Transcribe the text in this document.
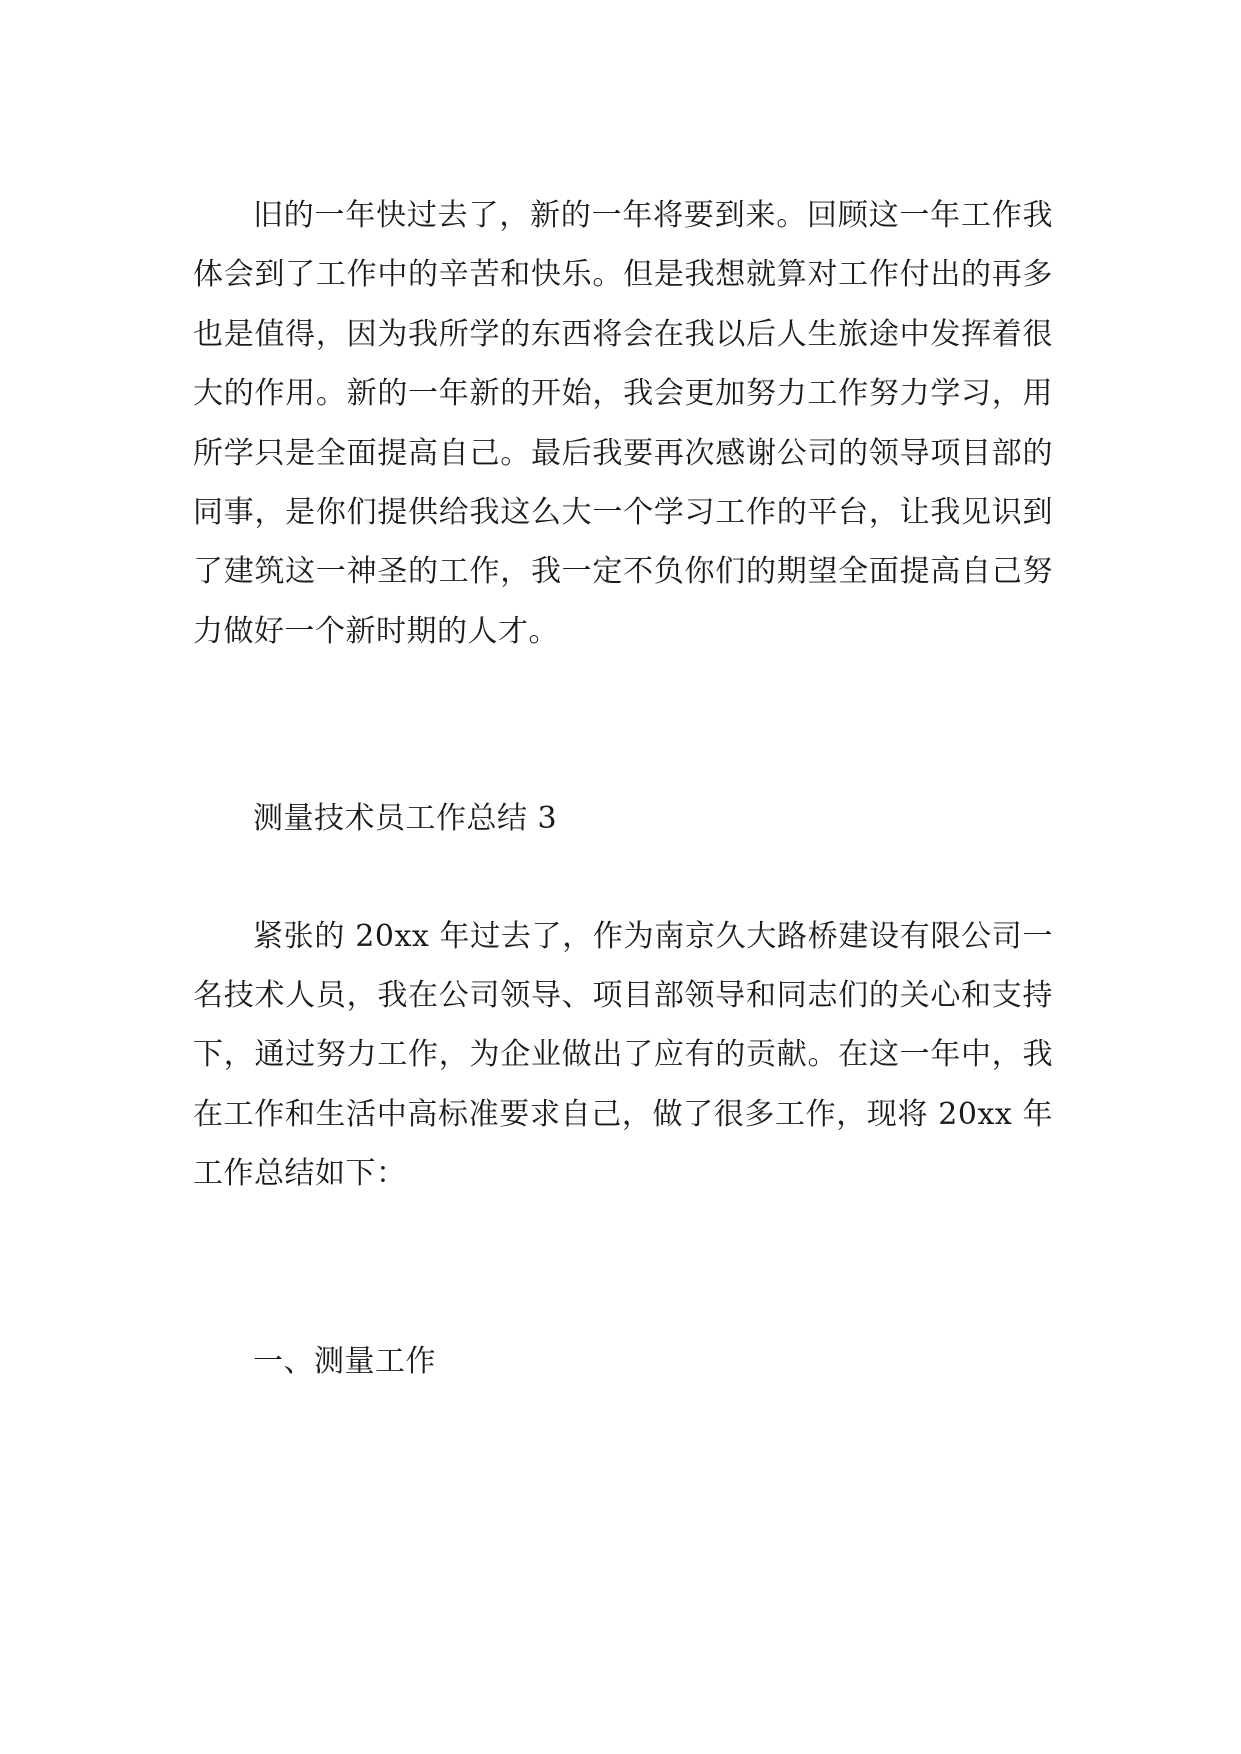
旧的一年快过去了，新的一年将要到来。回顾这一年工作我体会到了工作中的辛苦和快乐。但是我想就算对工作付出的再多也是值得，因为我所学的东西将会在我以后人生旅途中发挥着很大的作用。新的一年新的开始，我会更加努力工作努力学习，用所学只是全面提高自己。最后我要再次感谢公司的领导项目部的同事，是你们提供给我这么大一个学习工作的平台，让我见识到了建筑这一神圣的工作，我一定不负你们的期望全面提高自己努力做好一个新时期的人才。

测量技术员工作总结 3

紧张的 20xx 年过去了，作为南京久大路桥建设有限公司一名技术人员，我在公司领导、项目部领导和同志们的关心和支持下，通过努力工作，为企业做出了应有的贡献。在这一年中，我在工作和生活中高标准要求自己，做了很多工作，现将 20xx 年工作总结如下：

一、测量工作
